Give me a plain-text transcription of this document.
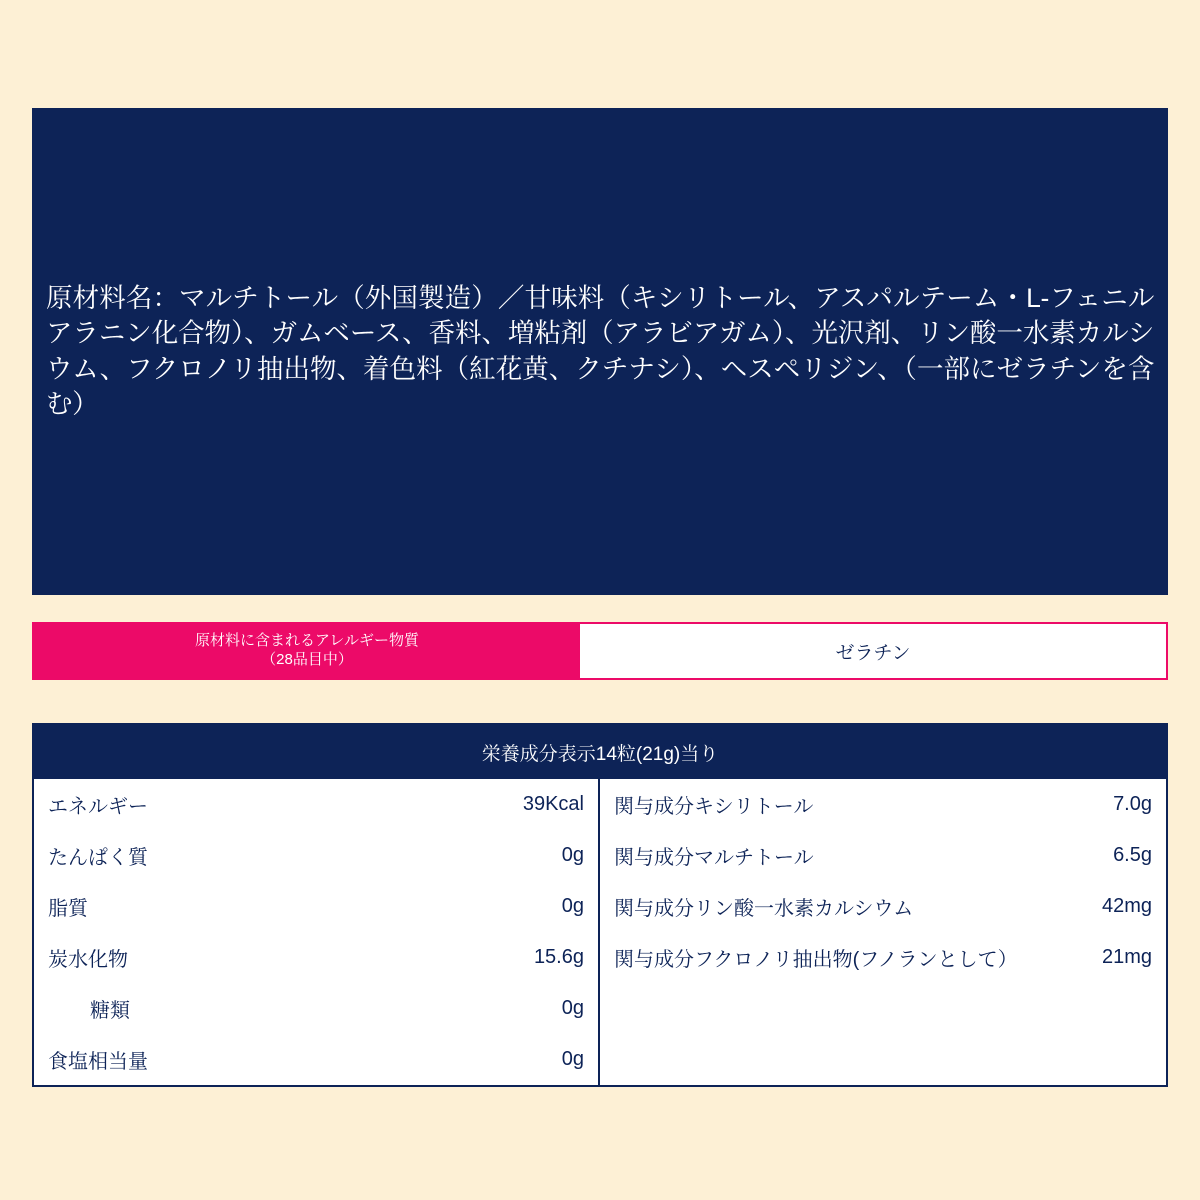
原材料名：マルチトール（外国製造）／甘味料（キシリトール、アスパルテーム・L-フェニルアラニン化合物）、ガムベース、香料、増粘剤（アラビアガム）、光沢剤、リン酸一水素カルシウム、フクロノリ抽出物、着色料（紅花黄、クチナシ）、ヘスペリジン、（一部にゼラチンを含む）
原材料に含まれるアレルギー物質
（28品目中）	ゼラチン
栄養成分表示14粒(21g)当り
エネルギー	39Kcal
たんぱく質	0g
脂質	0g
炭水化物	15.6g
糖類	0g
食塩相当量	0g
関与成分キシリトール	7.0g
関与成分マルチトール	6.5g
関与成分リン酸一水素カルシウム	42mg
関与成分フクロノリ抽出物(フノランとして）	21mg
